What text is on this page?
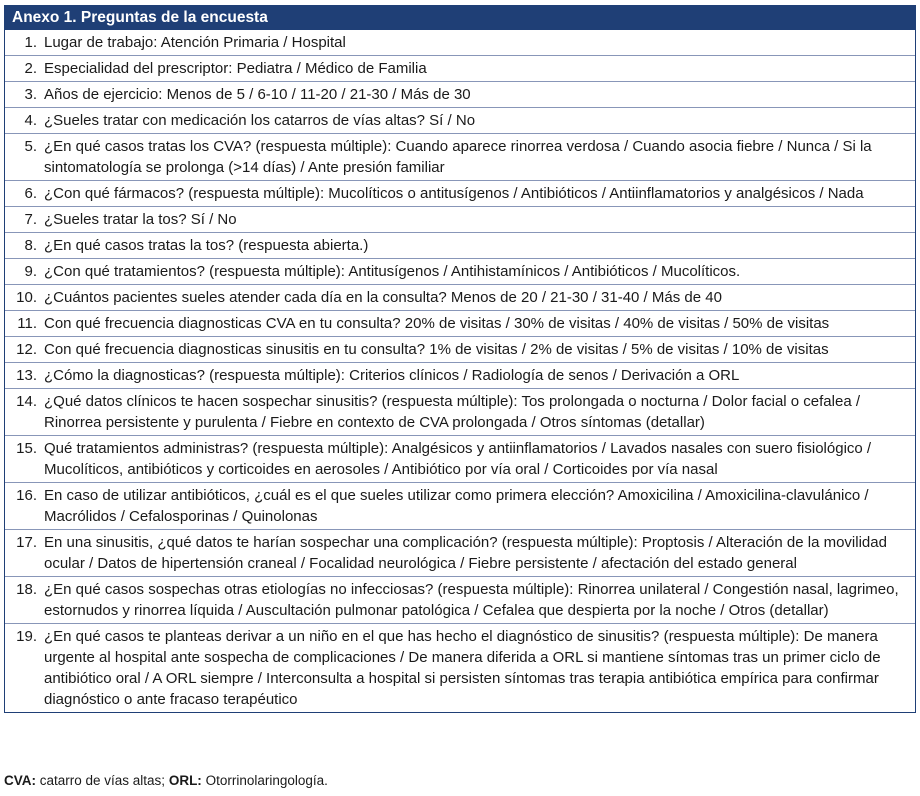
Anexo 1. Preguntas de la encuesta
1. Lugar de trabajo: Atención Primaria / Hospital
2. Especialidad del prescriptor: Pediatra / Médico de Familia
3. Años de ejercicio: Menos de 5 / 6-10 / 11-20 / 21-30 / Más de 30
4. ¿Sueles tratar con medicación los catarros de vías altas? Sí / No
5. ¿En qué casos tratas los CVA? (respuesta múltiple): Cuando aparece rinorrea verdosa / Cuando asocia fiebre / Nunca / Si la sintomatología se prolonga (>14 días) / Ante presión familiar
6. ¿Con qué fármacos? (respuesta múltiple): Mucolíticos o antitusígenos / Antibióticos / Antiinflamatorios y analgésicos / Nada
7. ¿Sueles tratar la tos? Sí / No
8. ¿En qué casos tratas la tos? (respuesta abierta.)
9. ¿Con qué tratamientos? (respuesta múltiple): Antitusígenos / Antihistamínicos / Antibióticos / Mucolíticos.
10. ¿Cuántos pacientes sueles atender cada día en la consulta? Menos de 20 / 21-30 / 31-40 / Más de 40
11. Con qué frecuencia diagnosticas CVA en tu consulta? 20% de visitas / 30% de visitas / 40% de visitas / 50% de visitas
12. Con qué frecuencia diagnosticas sinusitis en tu consulta? 1% de visitas / 2% de visitas / 5% de visitas / 10% de visitas
13. ¿Cómo la diagnosticas? (respuesta múltiple): Criterios clínicos / Radiología de senos / Derivación a ORL
14. ¿Qué datos clínicos te hacen sospechar sinusitis? (respuesta múltiple): Tos prolongada o nocturna / Dolor facial o cefalea / Rinorrea persistente y purulenta / Fiebre en contexto de CVA prolongada / Otros síntomas (detallar)
15. Qué tratamientos administras? (respuesta múltiple): Analgésicos y antiinflamatorios / Lavados nasales con suero fisiológico / Mucolíticos, antibióticos y corticoides en aerosoles / Antibiótico por vía oral / Corticoides por vía nasal
16. En caso de utilizar antibióticos, ¿cuál es el que sueles utilizar como primera elección? Amoxicilina / Amoxicilina-clavulánico / Macrólidos / Cefalosporinas / Quinolonas
17. En una sinusitis, ¿qué datos te harían sospechar una complicación? (respuesta múltiple): Proptosis / Alteración de la movilidad ocular / Datos de hipertensión craneal / Focalidad neurológica / Fiebre persistente / afectación del estado general
18. ¿En qué casos sospechas otras etiologías no infecciosas? (respuesta múltiple): Rinorrea unilateral / Congestión nasal, lagrimeo, estornudos y rinorrea líquida / Auscultación pulmonar patológica / Cefalea que despierta por la noche / Otros (detallar)
19. ¿En qué casos te planteas derivar a un niño en el que has hecho el diagnóstico de sinusitis? (respuesta múltiple): De manera urgente al hospital ante sospecha de complicaciones / De manera diferida a ORL si mantiene síntomas tras un primer ciclo de antibiótico oral / A ORL siempre / Interconsulta a hospital si persisten síntomas tras terapia antibiótica empírica para confirmar diagnóstico o ante fracaso terapéutico
CVA: catarro de vías altas; ORL: Otorrinolaringología.
